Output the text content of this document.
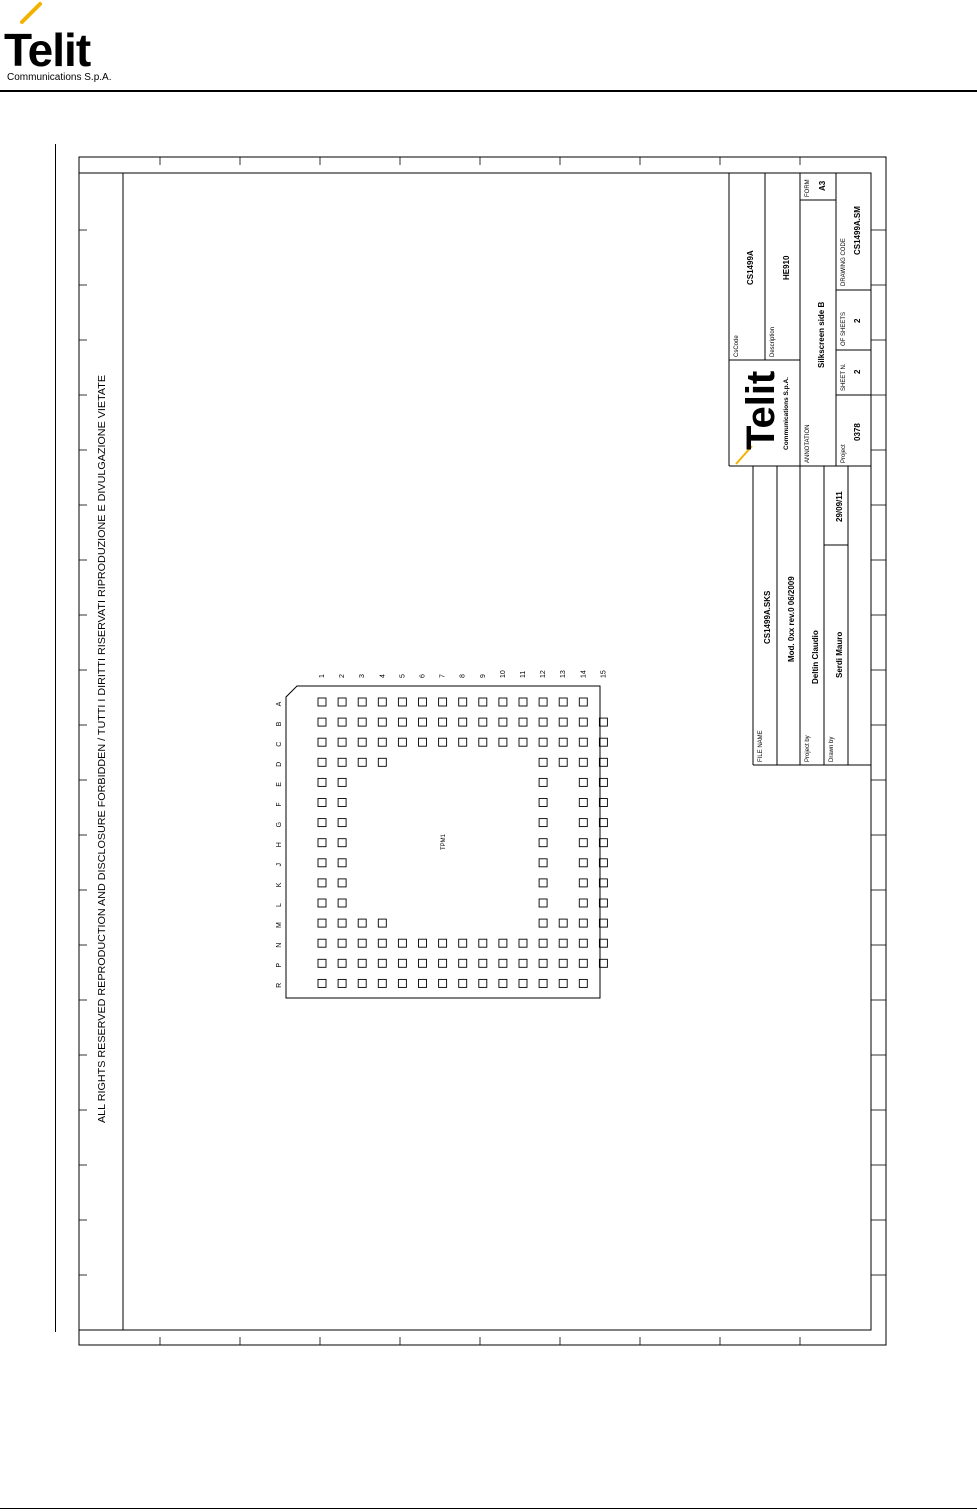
Telit
Communications S.p.A.
ALL RIGHTS RESERVED REPRODUCTION AND DISCLOSURE FORBIDDEN / TUTTI I DIRITTI RISERVATI RIPRODUZIONE E DIVULGAZIONE VIETATE	A
B
C
D
E
F
G
H
J
K
L
M
N
P
R
1 2 3 4 5 6 7 8 9 10 11 12 13 14 15
TPM1
Telit Communications S.p.A.
CsCode
CS1499A
Description
HE910
ANNOTATION
Silkscreen side B
FORM A3
Project
0378
SHEET N. 2
OF SHEETS 2
DRAWING CODE
CS1499A.SM
FILE NAME
CS1499A.SKS Mod. 0xx rev.0 06/2009
Project by
Deltin Claudio
Drawn by
Serdi Mauro
29/09/11
